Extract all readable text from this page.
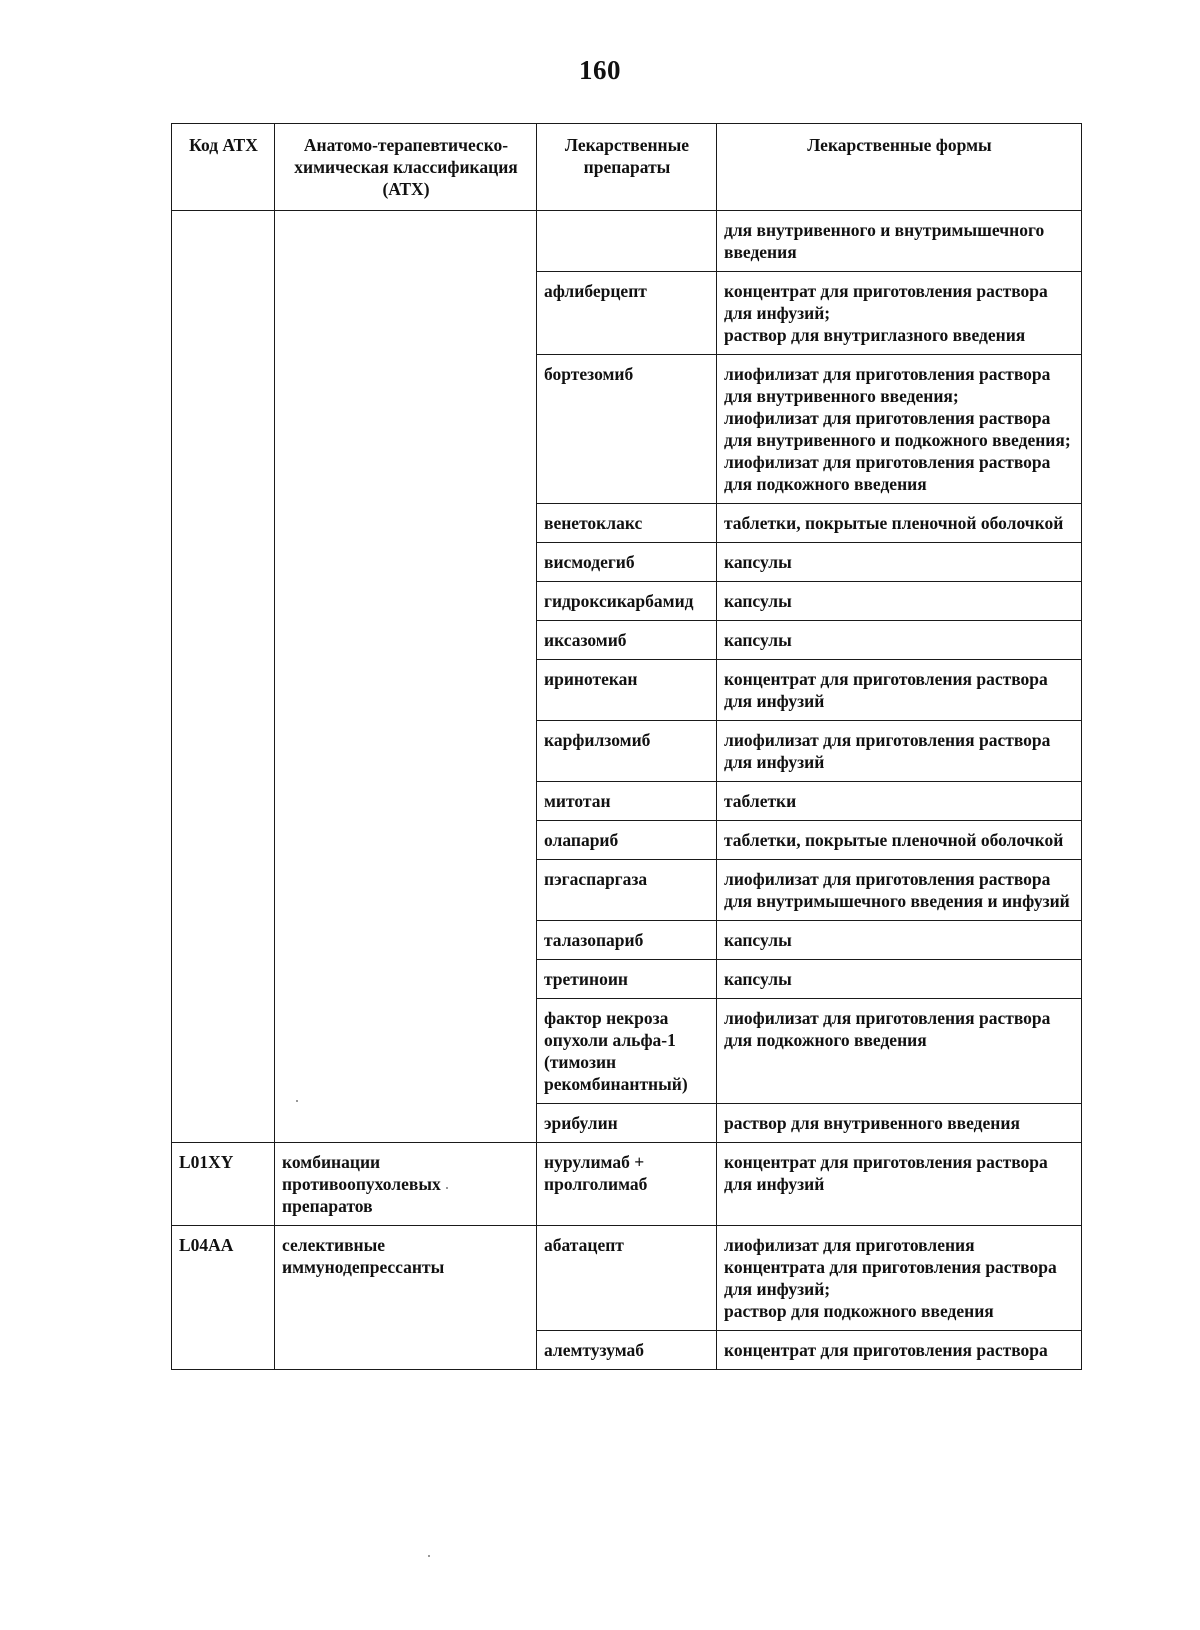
160
Код АТХ	Анатомо-терапевтическо-химическая классификация (АТХ)	Лекарственные препараты	Лекарственные формы

			для внутривенного и внутримышечного введения

		афлиберцепт	концентрат для приготовления раствора для инфузий;
раствор для внутриглазного введения

		бортезомиб	лиофилизат для приготовления раствора для внутривенного введения;
лиофилизат для приготовления раствора для внутривенного и подкожного введения;
лиофилизат для приготовления раствора для подкожного введения

		венетоклакс	таблетки, покрытые пленочной оболочкой

		висмодегиб	капсулы

		гидроксикарбамид	капсулы

		иксазомиб	капсулы

		иринотекан	концентрат для приготовления раствора для инфузий

		карфилзомиб	лиофилизат для приготовления раствора для инфузий

		митотан	таблетки

		олапариб	таблетки, покрытые пленочной оболочкой

		пэгаспаргаза	лиофилизат для приготовления раствора для внутримышечного введения и инфузий

		талазопариб	капсулы

		третиноин	капсулы

		фактор некроза опухоли альфа-1 (тимозин рекомбинантный)	лиофилизат для приготовления раствора для подкожного введения

		эрибулин	раствор для внутривенного введения

L01XY	комбинации противоопухолевых препаратов	нурулимаб + пролголимаб	концентрат для приготовления раствора для инфузий

L04AA	селективные иммунодепрессанты	абатацепт	лиофилизат для приготовления концентрата для приготовления раствора для инфузий;
раствор для подкожного введения

		алемтузумаб	концентрат для приготовления раствора
